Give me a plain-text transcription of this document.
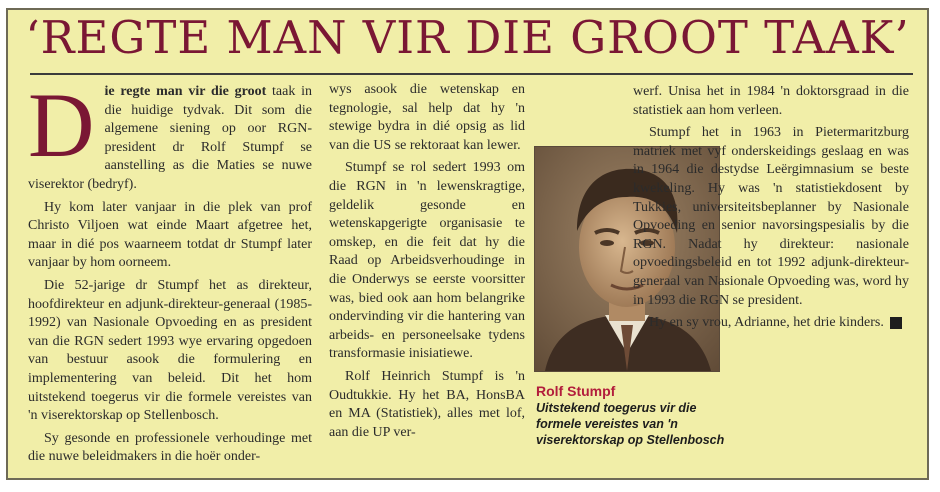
‘REGTE MAN VIR DIE GROOT TAAK’

Die regte man vir die groot taak in die huidige tydvak. Dit som die algemene siening op oor RGN-president dr Rolf Stumpf se aanstelling as die Maties se nuwe viserektor (bedryf).

Hy kom later vanjaar in die plek van prof Christo Viljoen wat einde Maart afgetree het, maar in dié pos waarneem totdat dr Stumpf later vanjaar by hom oorneem.

Die 52-jarige dr Stumpf het as direkteur, hoofdirekteur en adjunk-direkteur-generaal (1985-1992) van Nasionale Opvoeding en as president van die RGN sedert 1993 wye ervaring opgedoen van bestuur asook die formulering en implementering van beleid. Dit het hom uitstekend toegerus vir die formele vereistes van 'n viserektorskap op Stellenbosch.

Sy gesonde en professionele verhoudinge met die nuwe beleidmakers in die hoër onder-

wys asook die wetenskap en tegnologie, sal help dat hy 'n stewige bydra in dié opsig as lid van die US se rektoraat kan lewer.

Stumpf se rol sedert 1993 om die RGN in 'n lewenskragtige, geldelik gesonde en wetenskapgerigte organisasie te omskep, en die feit dat hy die Raad op Arbeidsverhoudinge in die Onderwys se eerste voorsitter was, bied ook aan hom belangrike ondervinding vir die hantering van arbeids- en personeelsake tydens transformasie inisiatiewe.

Rolf Heinrich Stumpf is 'n Oudtukkie. Hy het BA, HonsBA en MA (Statistiek), alles met lof, aan die UP ver-

Rolf Stumpf
Uitstekend toegerus vir die formele vereistes van 'n viserektorskap op Stellenbosch

werf. Unisa het in 1984 'n doktorsgraad in die statistiek aan hom verleen.

Stumpf het in 1963 in Pietermaritzburg matriek met vyf onderskeidings geslaag en was in 1964 die destydse Leërgimnasium se beste kwekeling. Hy was 'n statistiekdosent by Tukkies, universiteitsbeplanner by Nasionale Opvoeding en senior navorsingspesialis by die RGN. Nadat hy direkteur: nasionale opvoedingsbeleid en tot 1992 adjunk-direkteur-generaal van Nasionale Opvoeding was, word hy in 1993 die RGN se president.

Hy en sy vrou, Adrianne, het drie kinders. M
